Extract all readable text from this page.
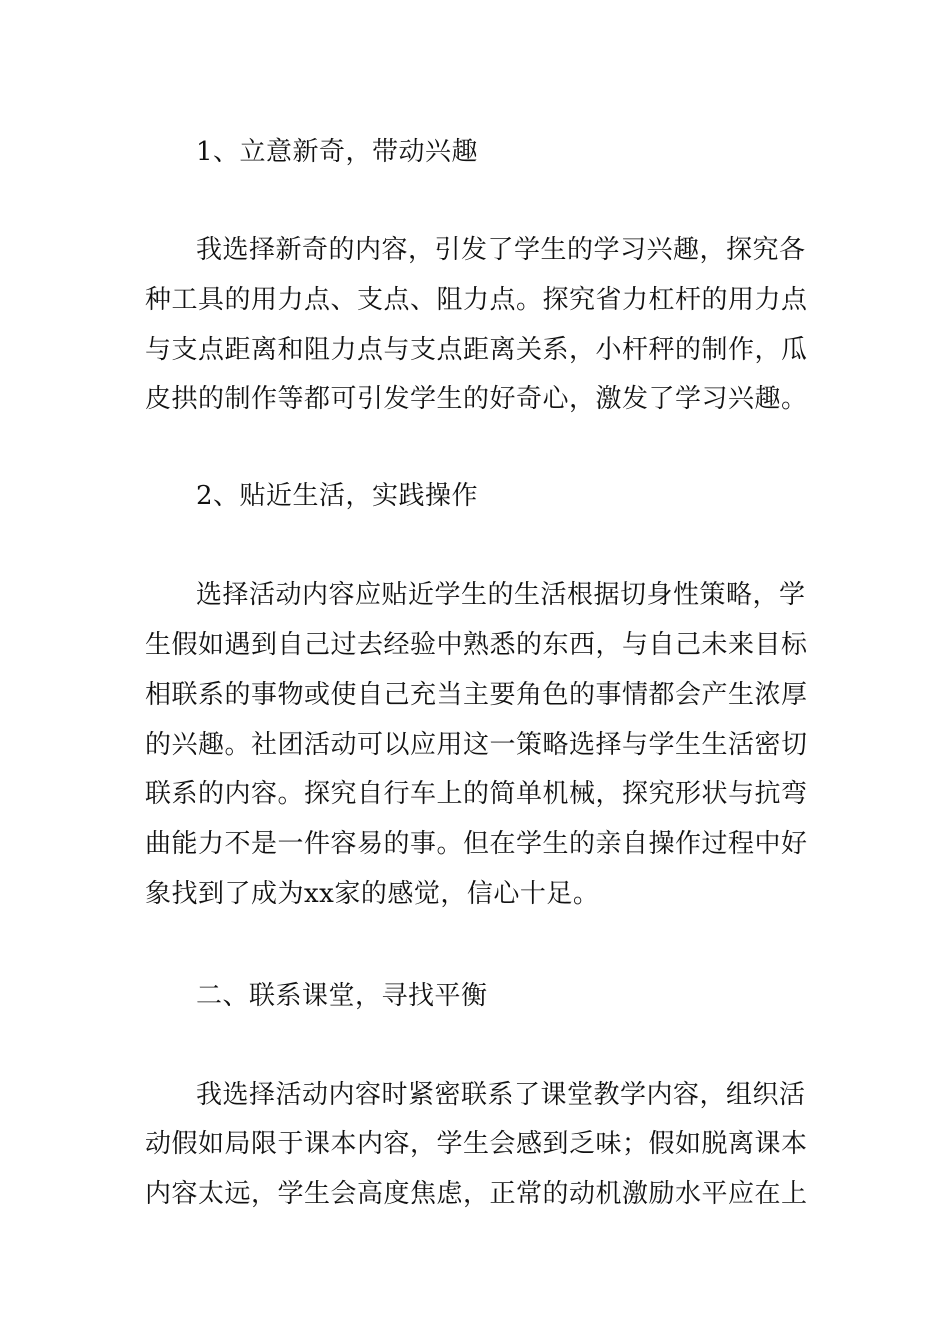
1、立意新奇，带动兴趣
我选择新奇的内容，引发了学生的学习兴趣，探究各
种工具的用力点、支点、阻力点。探究省力杠杆的用力点
与支点距离和阻力点与支点距离关系，小杆秤的制作，瓜
皮拱的制作等都可引发学生的好奇心，激发了学习兴趣。
2、贴近生活，实践操作
选择活动内容应贴近学生的生活根据切身性策略，学
生假如遇到自己过去经验中熟悉的东西，与自己未来目标
相联系的事物或使自己充当主要角色的事情都会产生浓厚
的兴趣。社团活动可以应用这一策略选择与学生生活密切
联系的内容。探究自行车上的简单机械，探究形状与抗弯
曲能力不是一件容易的事。但在学生的亲自操作过程中好
象找到了成为xx家的感觉，信心十足。
二、联系课堂，寻找平衡
我选择活动内容时紧密联系了课堂教学内容，组织活
动假如局限于课本内容，学生会感到乏味；假如脱离课本
内容太远，学生会高度焦虑，正常的动机激励水平应在上
